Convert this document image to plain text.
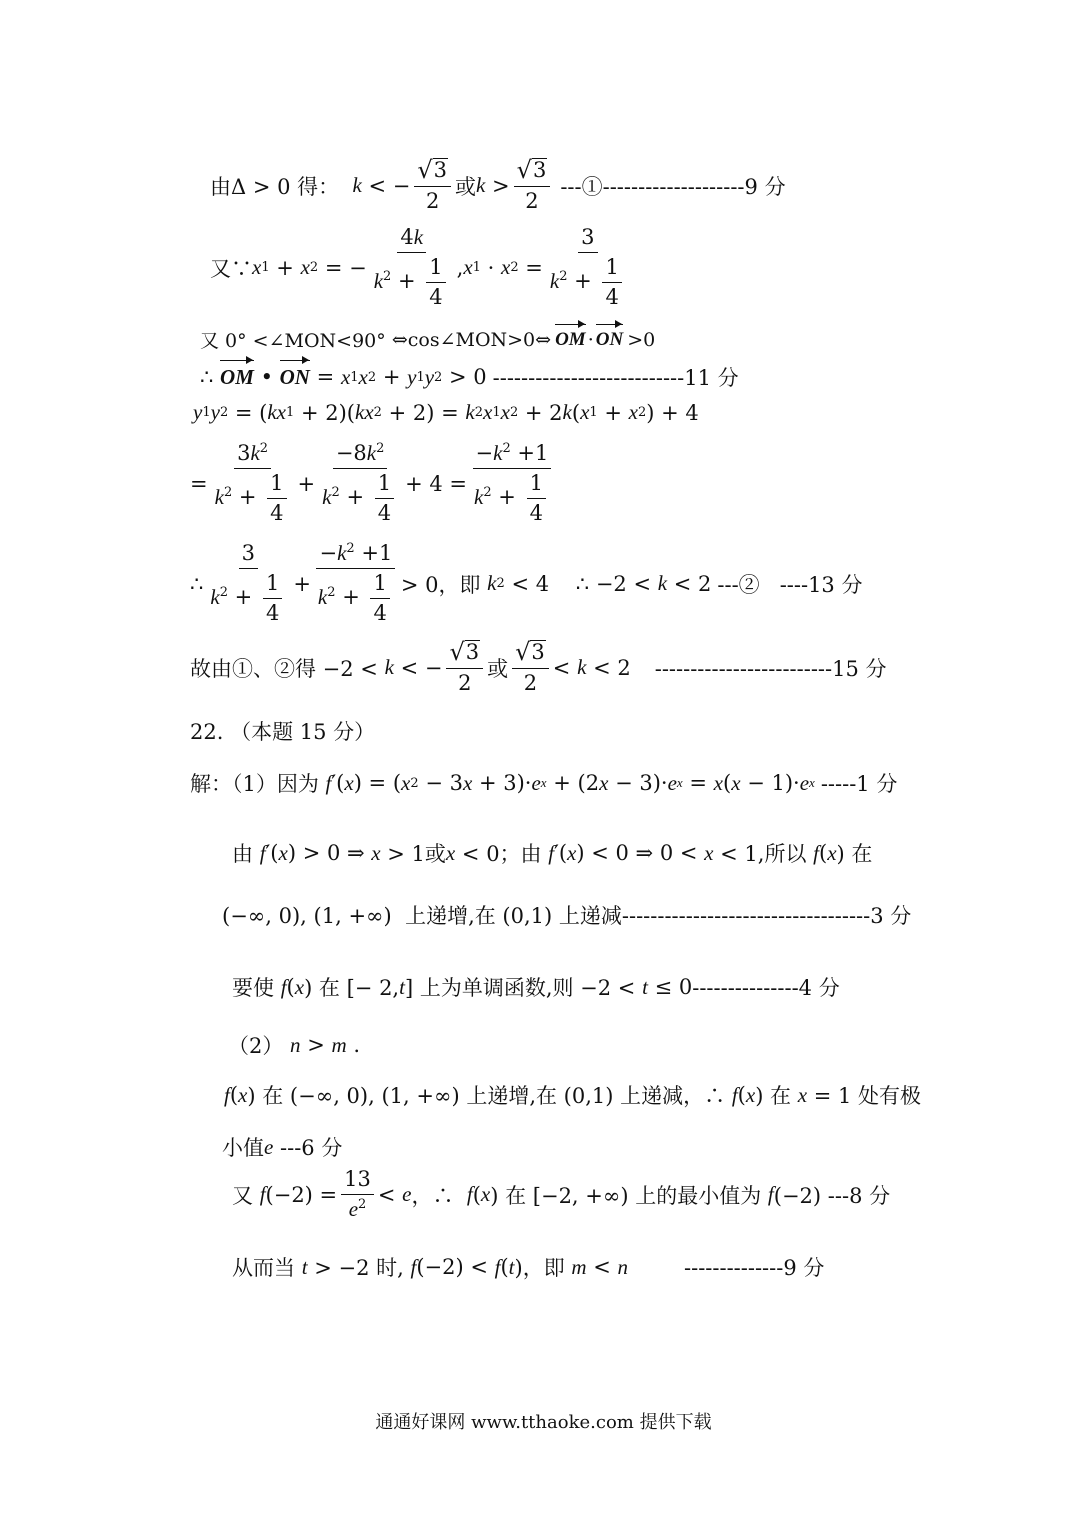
由Δ > 0 得： k < − $\frac{√ 3}{2}$ 或 $k > \frac{√ 3}{2}$ ---①--------------------9 分
又∵ x 1 + x 2 = − $\frac{4k}{k^2 + \frac{1}{4}}$ , x 1 · x $2 = \frac{3}{k^2 + \frac{1}{4}}$
又 0° <∠MON<90° ⇔ cos∠MON>0 ⇔ OM · ON >0
∴ OM • ON = x 1 x 2 + y 1 y 2 > 0 ---------------------------11 分
y 1 y 2 = ( kx 1 + 2)( kx 2 + 2) = k 2 x 1 x 2 + 2 k ( x 1 + x 2 ) + 4
= $\frac{3k^2}{k^2 + \frac{1}{4}} + \frac{-8k^2}{k^2 + \frac{1}{4}} + 4 = \frac{-k^2 +1}{k^2 + \frac{1}{4}}$
∴ $\frac{3}{k^2 + \frac{1}{4}} + \frac{-k^2 +1}{k^2 + \frac{1}{4}} > 0$，即 k 2 < 4    ∴ −2 < k < 2 ---②   ----13 分
故由①、②得 −2 < k < − $\frac{√ 3}{2}$ 或 $\frac{√ 3}{2} < k < 2$ -------------------------15 分
22. （本题 15 分）
解：（1）因为 f ′( x ) = ( x 2 − 3 x + 3)· e x + (2 x − 3)· e x = x ( x − 1)· e x -----1 分
由 f ′( x ) > 0 ⇒ x > 1或 x < 0；由 f ′( x ) < 0 ⇒ 0 < x < 1,所以 f ( x ) 在
(−∞, 0), (1, +∞)  上递增,在 (0,1) 上递减 -----------------------------------3 分
要使 f ( x ) 在 [− 2, t ] 上为单调函数,则 −2 < t ≤ 0 ---------------4 分
（2） n > m .
f ( x ) 在 (−∞, 0), (1, +∞) 上递增,在 (0,1) 上递减，∴ f ( x ) 在 x = 1 处有极
小值 e ---6 分
又 f $(-2) = \frac{13}{e^2} < e$ ，∴ f ( x ) 在 [−2, +∞) 上的最小值为 f (−2) ---8 分
从而当 t > −2 时, f (−2) < f ( t )，即 m < n	--------------9 分
通通好课网 www.tthaoke.com 提供下载
